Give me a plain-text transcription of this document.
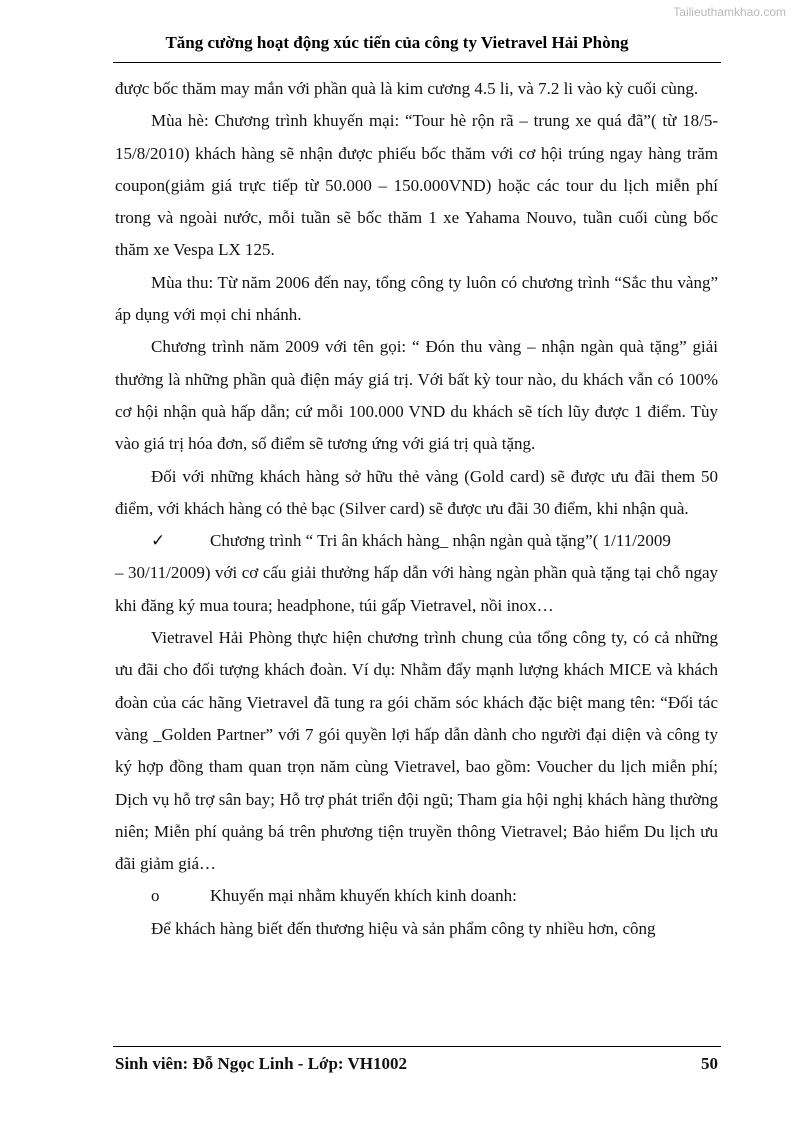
Tailieuthamkhao.com
Tăng cường hoạt động xúc tiến của công ty Vietravel Hải Phòng

được bốc thăm may mắn với phần quà là kim cương 4.5 li, và 7.2 li vào kỳ cuối cùng.

Mùa hè: Chương trình khuyến mại: “Tour hè rộn rã – trung xe quá đã”( từ 18/5- 15/8/2010) khách hàng sẽ nhận được phiếu bốc thăm với cơ hội trúng ngay hàng trăm coupon(giảm giá trực tiếp từ 50.000 – 150.000VND) hoặc các tour du lịch miễn phí trong và ngoài nước, mỗi tuần sẽ bốc thăm 1 xe Yahama Nouvo, tuần cuối cùng bốc thăm xe Vespa LX 125.

Mùa thu: Từ năm 2006 đến nay, tổng công ty luôn có chương trình “Sắc thu vàng” áp dụng với mọi chi nhánh.

Chương trình năm 2009 với tên gọi: “ Đón thu vàng – nhận ngàn quà tặng” giải thưởng là những phần quà điện máy giá trị. Với bất kỳ tour nào, du khách vẫn có 100% cơ hội nhận quà hấp dẫn; cứ mỗi 100.000 VND du khách sẽ tích lũy được 1 điểm. Tùy vào giá trị hóa đơn, số điểm sẽ tương ứng với giá trị quà tặng.

Đối với những khách hàng sở hữu thẻ vàng (Gold card) sẽ được ưu đãi them 50 điểm, với khách hàng có thẻ bạc (Silver card) sẽ được ưu đãi 30 điểm, khi nhận quà.

✓	Chương trình “ Tri ân khách hàng_ nhận ngàn quà tặng”( 1/11/2009

– 30/11/2009) với cơ cấu giải thưởng hấp dẫn với hàng ngàn phần quà tặng tại chỗ ngay khi đăng ký mua toura; headphone, túi gấp Vietravel, nồi inox…

Vietravel Hải Phòng thực hiện chương trình chung của tổng công ty, có cả những ưu đãi cho đối tượng khách đoàn. Ví dụ: Nhằm đẩy mạnh lượng khách MICE và khách đoàn của các hãng Vietravel đã tung ra gói chăm sóc khách đặc biệt mang tên: “Đối tác vàng _Golden Partner” với 7 gói quyền lợi hấp dẫn dành cho người đại diện và công ty ký hợp đồng tham quan trọn năm cùng Vietravel, bao gồm: Voucher du lịch miễn phí; Dịch vụ hỗ trợ sân bay; Hỗ trợ phát triển đội ngũ; Tham gia hội nghị khách hàng thường niên; Miễn phí quảng bá trên phương tiện truyền thông Vietravel; Bảo hiểm Du lịch ưu đãi giảm giá…

o	Khuyến mại nhằm khuyến khích kinh doanh:

Để khách hàng biết đến thương hiệu và sản phẩm công ty nhiều hơn, công

Sinh viên: Đỗ Ngọc Linh - Lớp: VH1002	50
